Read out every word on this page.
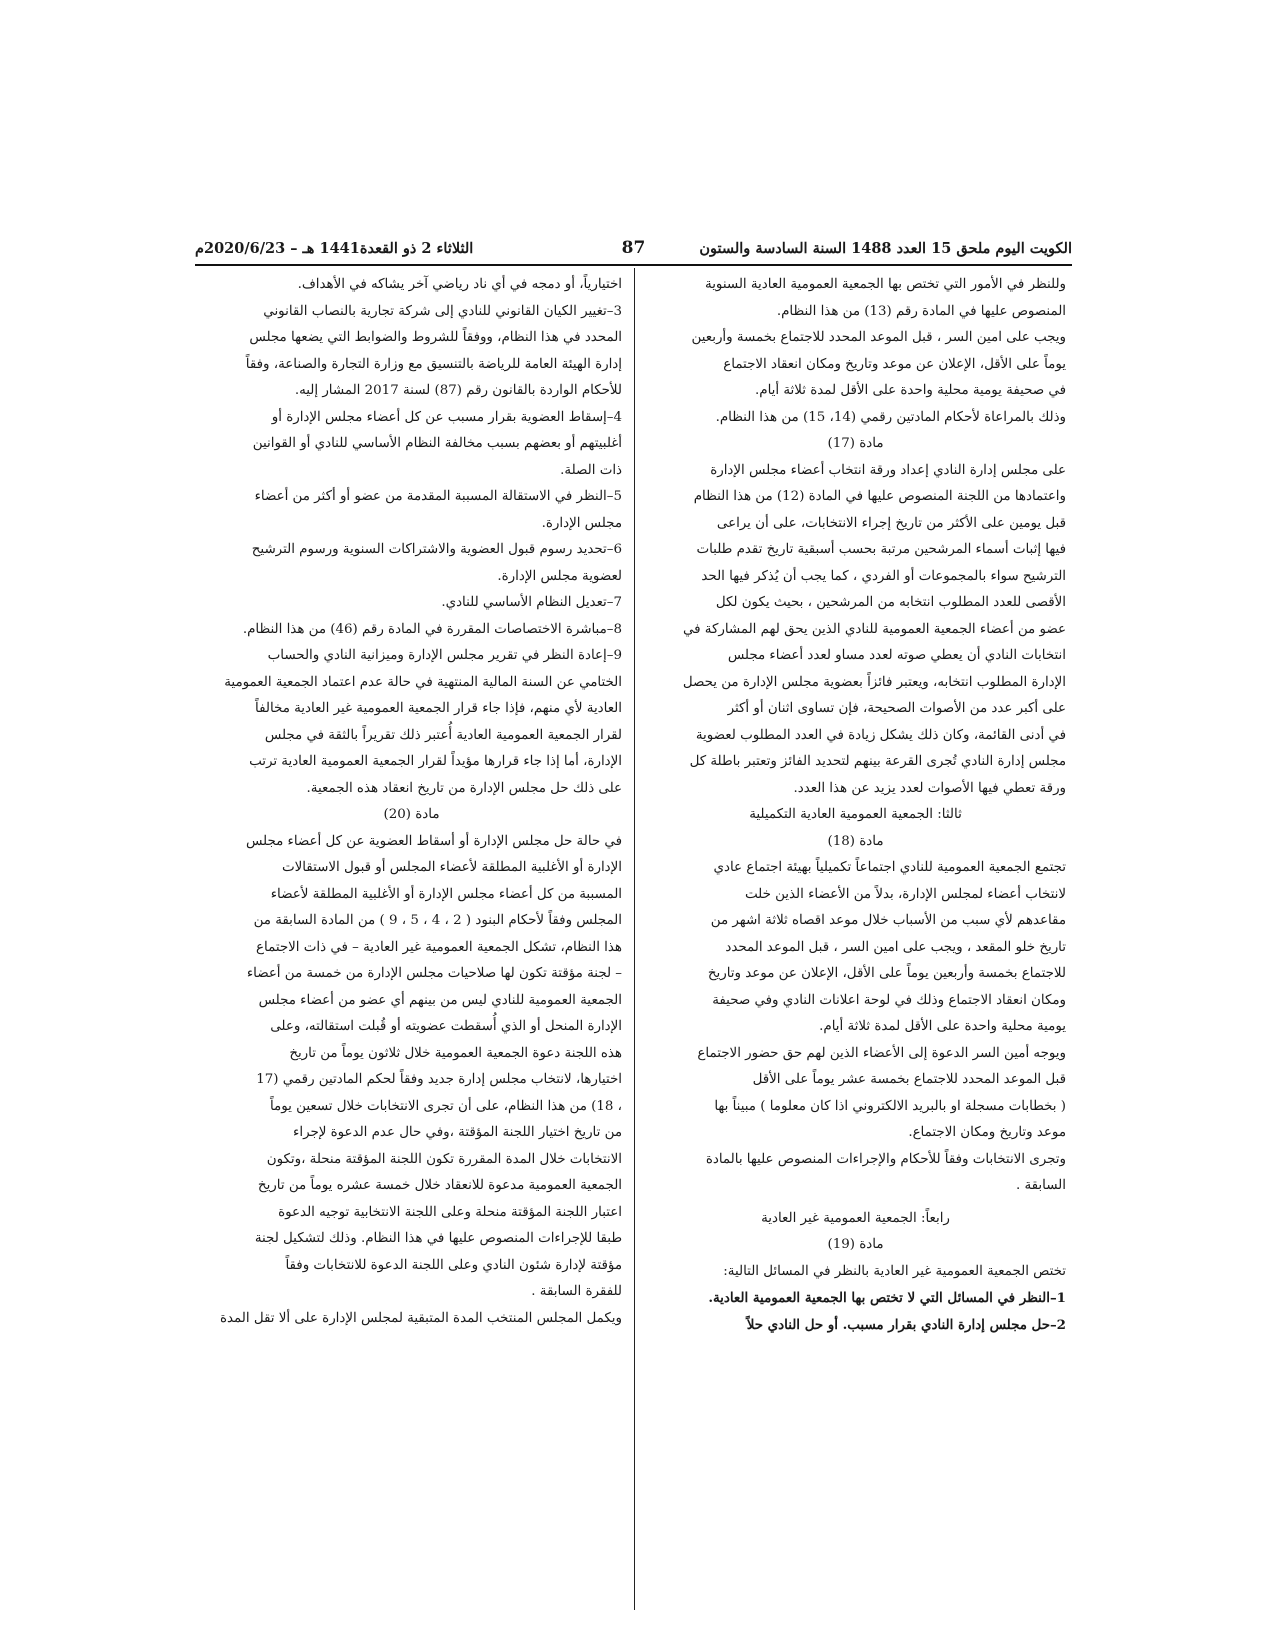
الكويت اليوم ملحق 15 العدد 1488 السنة السادسة والستون
87
الثلاثاء 2 ذو القعدة1441 هـ – 2020/6/23م

وللنظر في الأمور التي تختص بها الجمعية العمومية العادية السنوية

المنصوص عليها في المادة رقم (13) من هذا النظام.

ويجب على امين السر ، قبل الموعد المحدد للاجتماع بخمسة وأربعين

يوماً على الأقل، الإعلان عن موعد وتاريخ ومكان انعقاد الاجتماع

في صحيفة يومية محلية واحدة على الأقل لمدة ثلاثة أيام.

وذلك بالمراعاة لأحكام المادتين رقمي (14، 15) من هذا النظام.

مادة (17)

على مجلس إدارة النادي إعداد ورقة انتخاب أعضاء مجلس الإدارة

واعتمادها من اللجنة المنصوص عليها في المادة (12) من هذا النظام

قبل يومين على الأكثر من تاريخ إجراء الانتخابات، على أن يراعى

فيها إثبات أسماء المرشحين مرتبة بحسب أسبقية تاريخ تقدم طلبات

الترشيح سواء بالمجموعات أو الفردي ، كما يجب أن يُذكر فيها الحد

الأقصى للعدد المطلوب انتخابه من المرشحين ، بحيث يكون لكل

عضو من أعضاء الجمعية العمومية للنادي الذين يحق لهم المشاركة في

انتخابات النادي أن يعطي صوته لعدد مساو لعدد أعضاء مجلس

الإدارة المطلوب انتخابه، ويعتبر فائزاً بعضوية مجلس الإدارة من يحصل

على أكبر عدد من الأصوات الصحيحة، فإن تساوى اثنان أو أكثر

في أدنى القائمة، وكان ذلك يشكل زيادة في العدد المطلوب لعضوية

مجلس إدارة النادي تُجرى القرعة بينهم لتحديد الفائز وتعتبر باطلة كل

ورقة تعطي فيها الأصوات لعدد يزيد عن هذا العدد.

ثالثا: الجمعية العمومية العادية التكميلية

مادة (18)

تجتمع الجمعية العمومية للنادي اجتماعاً تكميلياً بهيئة اجتماع عادي

لانتخاب أعضاء لمجلس الإدارة، بدلاً من الأعضاء الذين خلت

مقاعدهم لأي سبب من الأسباب خلال موعد اقصاه ثلاثة اشهر من

تاريخ خلو المقعد ، ويجب على امين السر ، قبل الموعد المحدد

للاجتماع بخمسة وأربعين يوماً على الأقل، الإعلان عن موعد وتاريخ

ومكان انعقاد الاجتماع وذلك في لوحة اعلانات النادي وفي صحيفة

يومية محلية واحدة على الأقل لمدة ثلاثة أيام.

ويوجه أمين السر الدعوة إلى الأعضاء الذين لهم حق حضور الاجتماع

قبل الموعد المحدد للاجتماع بخمسة عشر يوماً على الأقل

( بخطابات مسجلة او بالبريد الالكتروني اذا كان معلوما ) مبيناً بها

موعد وتاريخ ومكان الاجتماع.

وتجرى الانتخابات وفقاً للأحكام والإجراءات المنصوص عليها بالمادة

السابقة .

رابعاً: الجمعية العمومية غير العادية

مادة (19)

تختص الجمعية العمومية غير العادية بالنظر في المسائل التالية:

1–النظر في المسائل التي لا تختص بها الجمعية العمومية العادية.

2–حل مجلس إدارة النادي بقرار مسبب. أو حل النادي حلاً

اختيارياً، أو دمجه في أي ناد رياضي آخر يشاكه في الأهداف.

3–تغيير الكيان القانوني للنادي إلى شركة تجارية بالنصاب القانوني

المحدد في هذا النظام، ووفقاً للشروط والضوابط التي يضعها مجلس

إدارة الهيئة العامة للرياضة بالتنسيق مع وزارة التجارة والصناعة، وفقاً

للأحكام الواردة بالقانون رقم (87) لسنة 2017 المشار إليه.

4–إسقاط العضوية بقرار مسبب عن كل أعضاء مجلس الإدارة أو

أغلبيتهم أو بعضهم بسبب مخالفة النظام الأساسي للنادي أو القوانين

ذات الصلة.

5–النظر في الاستقالة المسببة المقدمة من عضو أو أكثر من أعضاء

مجلس الإدارة.

6–تحديد رسوم قبول العضوية والاشتراكات السنوية ورسوم الترشيح

لعضوية مجلس الإدارة.

7–تعديل النظام الأساسي للنادي.

8–مباشرة الاختصاصات المقررة في المادة رقم (46) من هذا النظام.

9–إعادة النظر في تقرير مجلس الإدارة وميزانية النادي والحساب

الختامي عن السنة المالية المنتهية في حالة عدم اعتماد الجمعية العمومية

العادية لأي منهم، فإذا جاء قرار الجمعية العمومية غير العادية مخالفاً

لقرار الجمعية العمومية العادية أُعتبر ذلك تقريراً بالثقة في مجلس

الإدارة، أما إذا جاء قرارها مؤيداً لقرار الجمعية العمومية العادية ترتب

على ذلك حل مجلس الإدارة من تاريخ انعقاد هذه الجمعية.

مادة (20)

في حالة حل مجلس الإدارة أو أسقاط العضوية عن كل أعضاء مجلس

الإدارة أو الأغلبية المطلقة لأعضاء المجلس أو قبول الاستقالات

المسببة من كل أعضاء مجلس الإدارة أو الأغلبية المطلقة لأعضاء

المجلس وفقاً لأحكام البنود ( 2 ، 4 ، 5 ، 9 ) من المادة السابقة من

هذا النظام، تشكل الجمعية العمومية غير العادية – في ذات الاجتماع

– لجنة مؤقتة تكون لها صلاحيات مجلس الإدارة من خمسة من أعضاء

الجمعية العمومية للنادي ليس من بينهم أي عضو من أعضاء مجلس

الإدارة المنحل أو الذي أُسقطت عضويته أو قُبلت استقالته، وعلى

هذه اللجنة دعوة الجمعية العمومية خلال ثلاثون يوماً من تاريخ

اختيارها، لانتخاب مجلس إدارة جديد وفقاً لحكم المادتين رقمي (17

، 18) من هذا النظام، على أن تجرى الانتخابات خلال تسعين يوماً

من تاريخ اختيار اللجنة المؤقتة ،وفي حال عدم الدعوة لإجراء

الانتخابات خلال المدة المقررة تكون اللجنة المؤقتة منحلة ،وتكون

الجمعية العمومية مدعوة للانعقاد خلال خمسة عشره يوماً من تاريخ

اعتبار اللجنة المؤقتة منحلة وعلى اللجنة الانتخابية توجيه الدعوة

طبقا للإجراءات المنصوص عليها في هذا النظام. وذلك لتشكيل لجنة

مؤقتة لإدارة شئون النادي وعلى اللجنة الدعوة للانتخابات وفقاً

للفقرة السابقة .

ويكمل المجلس المنتخب المدة المتبقية لمجلس الإدارة على ألا تقل المدة
